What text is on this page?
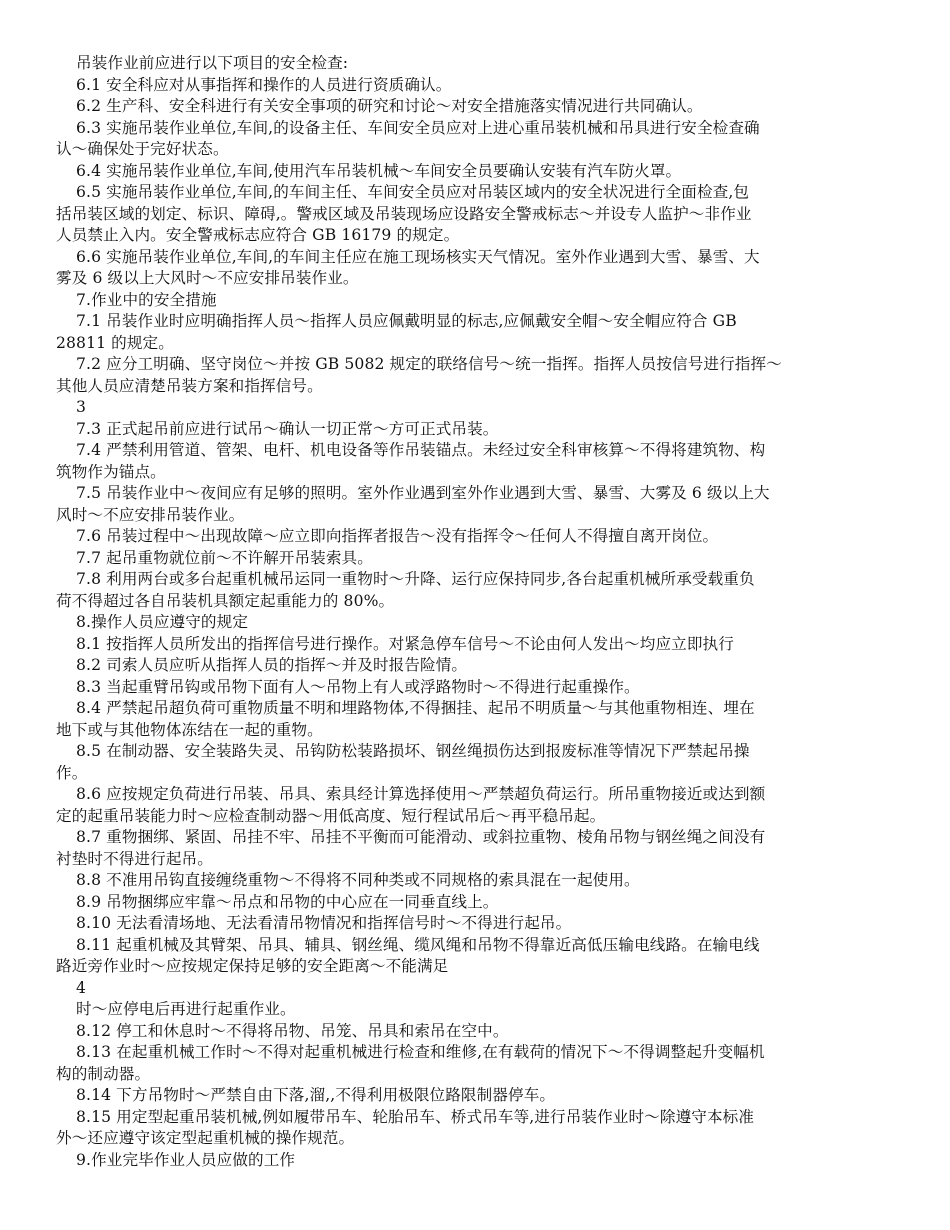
吊装作业前应进行以下项目的安全检查:

6.1 安全科应对从事指挥和操作的人员进行资质确认。

6.2 生产科、安全科进行有关安全事项的研究和讨论～对安全措施落实情况进行共同确认。

6.3 实施吊装作业单位,车间,的设备主任、车间安全员应对上进心重吊装机械和吊具进行安全检查确

认～确保处于完好状态。

6.4 实施吊装作业单位,车间,使用汽车吊装机械～车间安全员要确认安装有汽车防火罩。

6.5 实施吊装作业单位,车间,的车间主任、车间安全员应对吊装区域内的安全状况进行全面检查,包

括吊装区域的划定、标识、障碍,。警戒区域及吊装现场应设路安全警戒标志～并设专人监护～非作业

人员禁止入内。安全警戒标志应符合 GB 16179 的规定。

6.6 实施吊装作业单位,车间,的车间主任应在施工现场核实天气情况。室外作业遇到大雪、暴雪、大

雾及 6 级以上大风时～不应安排吊装作业。

7.作业中的安全措施

7.1 吊装作业时应明确指挥人员～指挥人员应佩戴明显的标志,应佩戴安全帽～安全帽应符合 GB

28811 的规定。

7.2 应分工明确、坚守岗位～并按 GB 5082 规定的联络信号～统一指挥。指挥人员按信号进行指挥～

其他人员应清楚吊装方案和指挥信号。

3

7.3 正式起吊前应进行试吊～确认一切正常～方可正式吊装。

7.4 严禁利用管道、管架、电杆、机电设备等作吊装锚点。未经过安全科审核算～不得将建筑物、构

筑物作为锚点。

7.5 吊装作业中～夜间应有足够的照明。室外作业遇到室外作业遇到大雪、暴雪、大雾及 6 级以上大

风时～不应安排吊装作业。

7.6 吊装过程中～出现故障～应立即向指挥者报告～没有指挥令～任何人不得擅自离开岗位。

7.7 起吊重物就位前～不许解开吊装索具。

7.8 利用两台或多台起重机械吊运同一重物时～升降、运行应保持同步,各台起重机械所承受载重负

荷不得超过各自吊装机具额定起重能力的 80%。

8.操作人员应遵守的规定

8.1 按指挥人员所发出的指挥信号进行操作。对紧急停车信号～不论由何人发出～均应立即执行

8.2 司索人员应听从指挥人员的指挥～并及时报告险情。

8.3 当起重臂吊钩或吊物下面有人～吊物上有人或浮路物时～不得进行起重操作。

8.4 严禁起吊超负荷可重物质量不明和埋路物体,不得捆挂、起吊不明质量～与其他重物相连、埋在

地下或与其他物体冻结在一起的重物。

8.5 在制动器、安全装路失灵、吊钩防松装路损坏、钢丝绳损伤达到报废标准等情况下严禁起吊操

作。

8.6 应按规定负荷进行吊装、吊具、索具经计算选择使用～严禁超负荷运行。所吊重物接近或达到额

定的起重吊装能力时～应检查制动器～用低高度、短行程试吊后～再平稳吊起。

8.7 重物捆绑、紧固、吊挂不牢、吊挂不平衡而可能滑动、或斜拉重物、棱角吊物与钢丝绳之间没有

衬垫时不得进行起吊。

8.8 不准用吊钩直接缠绕重物～不得将不同种类或不同规格的索具混在一起使用。

8.9 吊物捆绑应牢靠～吊点和吊物的中心应在一同垂直线上。

8.10 无法看清场地、无法看清吊物情况和指挥信号时～不得进行起吊。

8.11 起重机械及其臂架、吊具、辅具、钢丝绳、缆风绳和吊物不得靠近高低压输电线路。在输电线

路近旁作业时～应按规定保持足够的安全距离～不能满足

4

时～应停电后再进行起重作业。

8.12 停工和休息时～不得将吊物、吊笼、吊具和索吊在空中。

8.13 在起重机械工作时～不得对起重机械进行检查和维修,在有载荷的情况下～不得调整起升变幅机

构的制动器。

8.14 下方吊物时～严禁自由下落,溜,,不得利用极限位路限制器停车。

8.15 用定型起重吊装机械,例如履带吊车、轮胎吊车、桥式吊车等,进行吊装作业时～除遵守本标准

外～还应遵守该定型起重机械的操作规范。

9.作业完毕作业人员应做的工作
